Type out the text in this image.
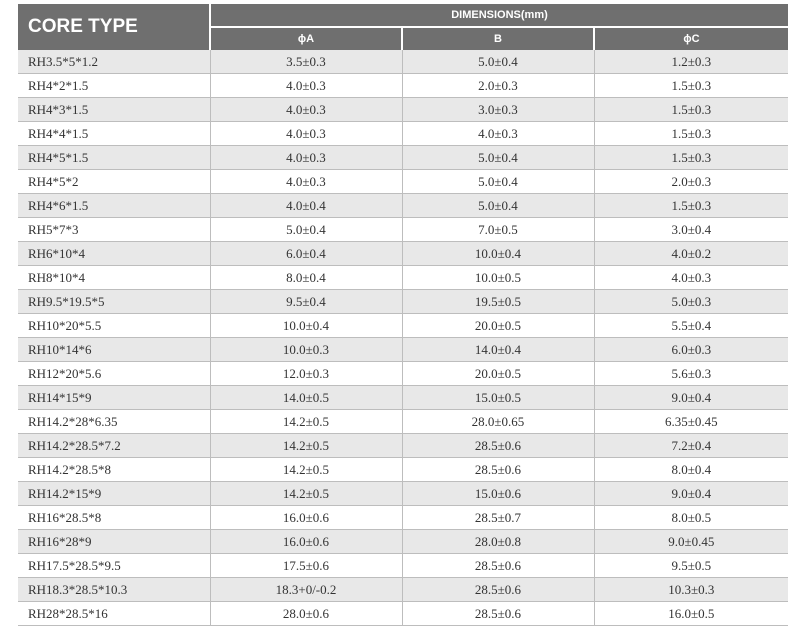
CORE TYPE	DIMENSIONS(mm)		
	ϕA	B	ϕC
RH3.5*5*1.2	3.5±0.3	5.0±0.4	1.2±0.3
RH4*2*1.5	4.0±0.3	2.0±0.3	1.5±0.3
RH4*3*1.5	4.0±0.3	3.0±0.3	1.5±0.3
RH4*4*1.5	4.0±0.3	4.0±0.3	1.5±0.3
RH4*5*1.5	4.0±0.3	5.0±0.4	1.5±0.3
RH4*5*2	4.0±0.3	5.0±0.4	2.0±0.3
RH4*6*1.5	4.0±0.4	5.0±0.4	1.5±0.3
RH5*7*3	5.0±0.4	7.0±0.5	3.0±0.4
RH6*10*4	6.0±0.4	10.0±0.4	4.0±0.2
RH8*10*4	8.0±0.4	10.0±0.5	4.0±0.3
RH9.5*19.5*5	9.5±0.4	19.5±0.5	5.0±0.3
RH10*20*5.5	10.0±0.4	20.0±0.5	5.5±0.4
RH10*14*6	10.0±0.3	14.0±0.4	6.0±0.3
RH12*20*5.6	12.0±0.3	20.0±0.5	5.6±0.3
RH14*15*9	14.0±0.5	15.0±0.5	9.0±0.4
RH14.2*28*6.35	14.2±0.5	28.0±0.65	6.35±0.45
RH14.2*28.5*7.2	14.2±0.5	28.5±0.6	7.2±0.4
RH14.2*28.5*8	14.2±0.5	28.5±0.6	8.0±0.4
RH14.2*15*9	14.2±0.5	15.0±0.6	9.0±0.4
RH16*28.5*8	16.0±0.6	28.5±0.7	8.0±0.5
RH16*28*9	16.0±0.6	28.0±0.8	9.0±0.45
RH17.5*28.5*9.5	17.5±0.6	28.5±0.6	9.5±0.5
RH18.3*28.5*10.3	18.3+0/-0.2	28.5±0.6	10.3±0.3
RH28*28.5*16	28.0±0.6	28.5±0.6	16.0±0.5
